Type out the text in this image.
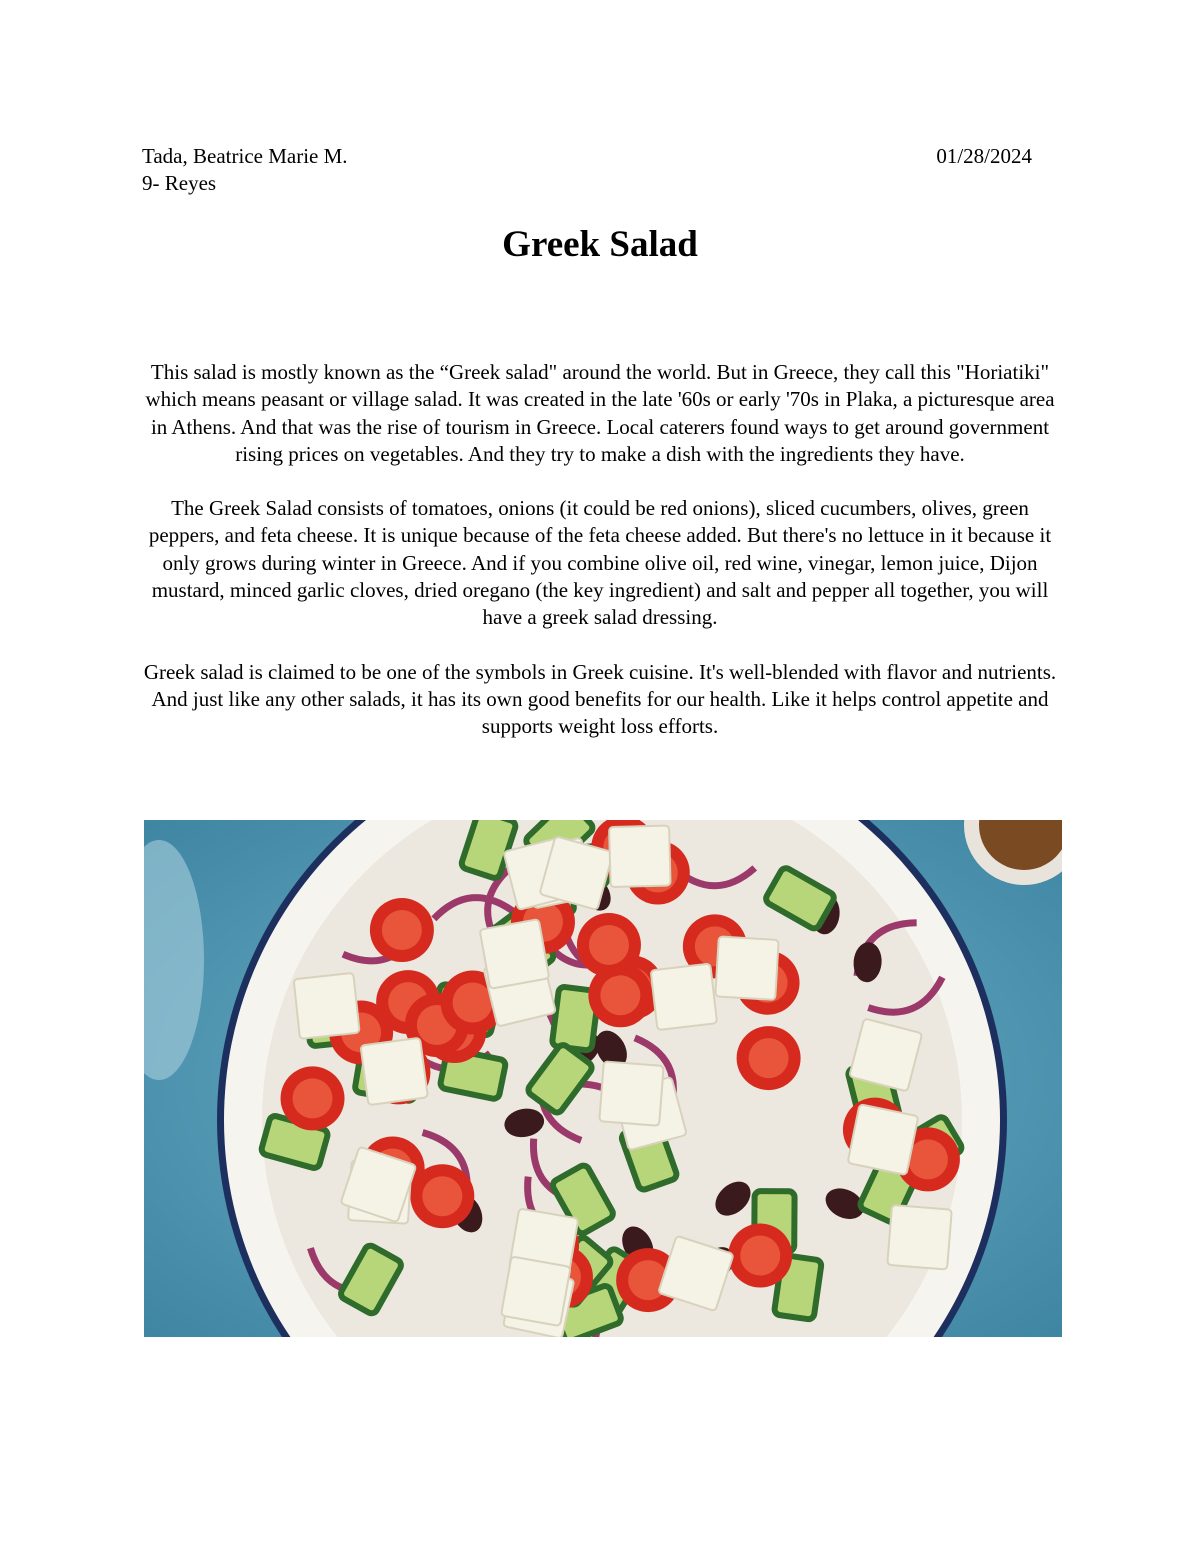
Tada, Beatrice Marie M.	01/28/2024
9- Reyes
Greek Salad

This salad is mostly known as the “Greek salad" around the world. But in Greece, they call this "Horiatiki" which means peasant or village salad. It was created in the late '60s or early '70s in Plaka, a picturesque area in Athens. And that was the rise of tourism in Greece. Local caterers found ways to get around government rising prices on vegetables. And they try to make a dish with the ingredients they have.

The Greek Salad consists of tomatoes, onions (it could be red onions), sliced cucumbers, olives, green peppers, and feta cheese. It is unique because of the feta cheese added. But there's no lettuce in it because it only grows during winter in Greece. And if you combine olive oil, red wine, vinegar, lemon juice, Dijon mustard, minced garlic cloves, dried oregano (the key ingredient) and salt and pepper all together, you will have a greek salad dressing.

Greek salad is claimed to be one of the symbols in Greek cuisine. It's well-blended with flavor and nutrients. And just like any other salads, it has its own good benefits for our health. Like it helps control appetite and supports weight loss efforts.
